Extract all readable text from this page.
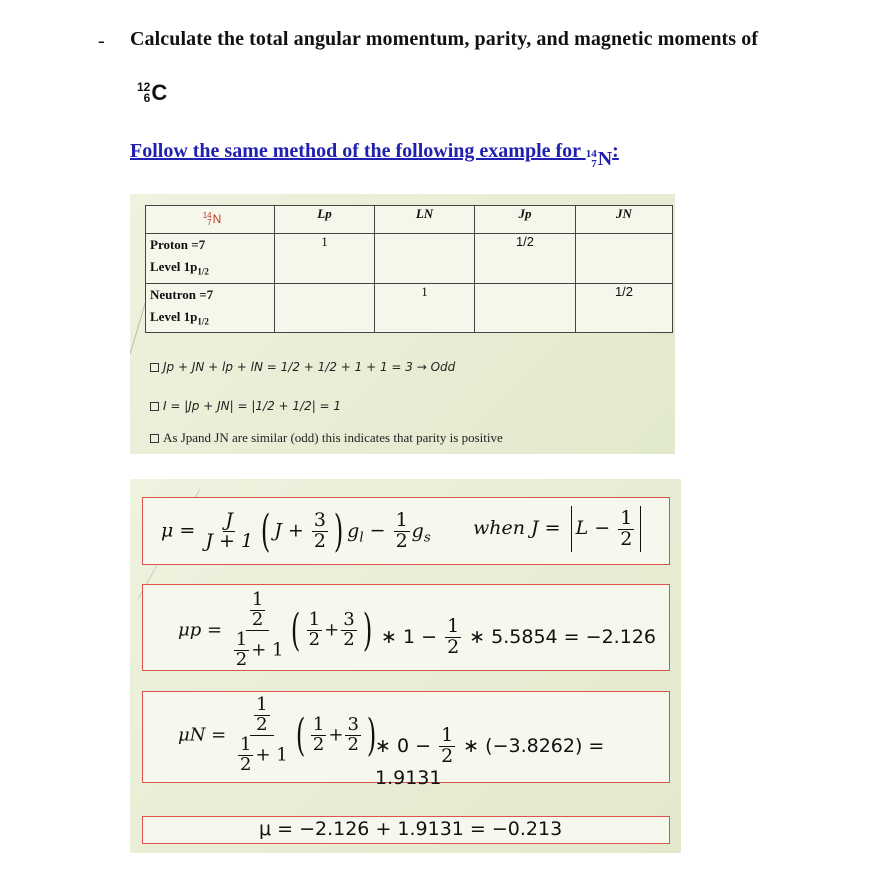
- Calculate the total angular momentum, parity, and magnetic moments of
12
6 C
Follow the same method of the following example for 14
7 N :
14
7 N	Lp	LN	Jp	JN

Proton =7
Level $1p_{1/2}$	1		1/2	

Neutron =7
Level $1p_{1/2}$		1		1/2
Jp + JN + lp + lN = 1/2 + 1/2 + 1 + 1 = 3 → Odd
I = |Jp + JN| = |1/2 + 1/2| = 1
As Jpand JN are similar (odd) this indicates that parity is positive
$\mu = \frac{J}{J + 1}$ ( $J + \frac{3}{2}$ ) $g_l - \frac{1}{2} g_s$ when $J = L - \frac{1}{2}$
$\mu p = \frac{\frac{1}{2}}{\frac{1}{2} + 1}$ ( $\frac{1}{2} + \frac{3}{2}$ ) ∗ $1 - \frac{1}{2}$ ∗ 5.5854 = −2.126
$\mu N = \frac{\frac{1}{2}}{\frac{1}{2} + 1}$ ( $\frac{1}{2} + \frac{3}{2}$ )
∗ $0 - \frac{1}{2}$ ∗ (−3.8262) = 1.9131
μ = −2.126 + 1.9131 = −0.213
